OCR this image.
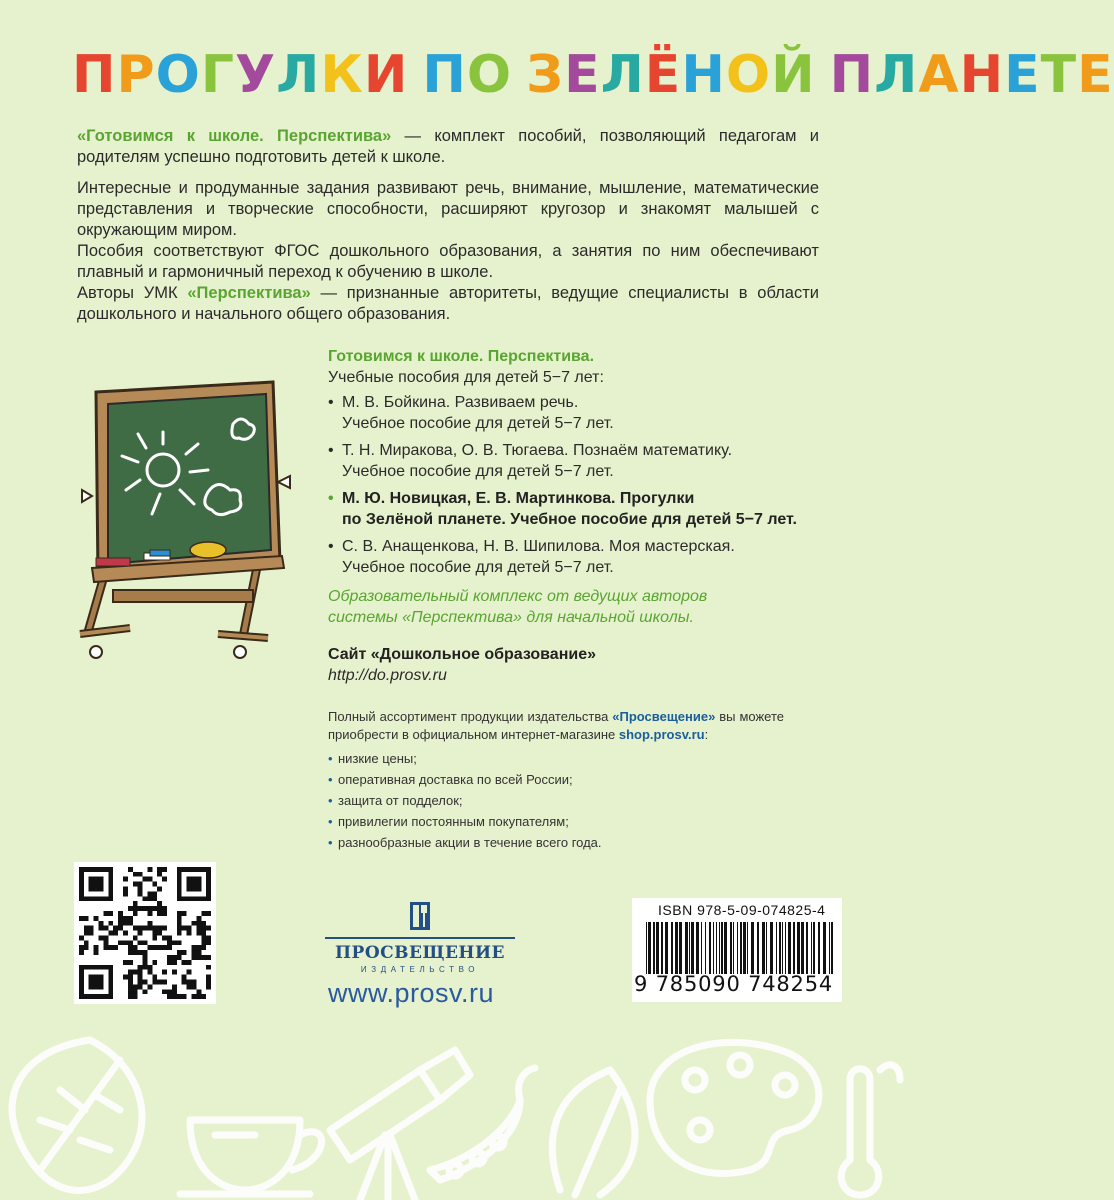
ПРОГУЛКИ ПО ЗЕЛЁНОЙ ПЛАНЕТЕ

«Готовимся к школе. Перспектива» — комплект пособий, позволяющий педагогам и родителям успешно подготовить детей к школе.

Интересные и продуманные задания развивают речь, внимание, мышление, математические представления и творческие способности, расширяют кругозор и знакомят малышей с окружающим миром.

Пособия соответствуют ФГОС дошкольного образования, а занятия по ним обеспечивают плавный и гармоничный переход к обучению в школе.

Авторы УМК «Перспектива» — признанные авторитеты, ведущие специалисты в области дошкольного и начального общего образования.

Готовимся к школе. Перспектива.
Учебные пособия для детей 5−7 лет:
• М. В. Бойкина. Развиваем речь.
Учебное пособие для детей 5−7 лет.
• Т. Н. Миракова, О. В. Тюгаева. Познаём математику.
Учебное пособие для детей 5−7 лет.
• М. Ю. Новицкая, Е. В. Мартинкова. Прогулки
по Зелёной планете. Учебное пособие для детей 5−7 лет.
• С. В. Анащенкова, Н. В. Шипилова. Моя мастерская.
Учебное пособие для детей 5−7 лет.
Образовательный комплекс от ведущих авторов
системы «Перспектива» для начальной школы.
Сайт «Дошкольное образование»
http://do.prosv.ru
Полный ассортимент продукции издательства «Просвещение» вы можете приобрести в официальном интернет-магазине shop.prosv.ru:
• низкие цены;
• оперативная доставка по всей России;
• защита от подделок;
• привилегии постоянным покупателям;
• разнообразные акции в течение всего года.
ПРОСВЕЩЕНИЕ
ИЗДАТЕЛЬСТВО
www.prosv.ru
ISBN 978-5-09-074825-4
9 785090 748254
